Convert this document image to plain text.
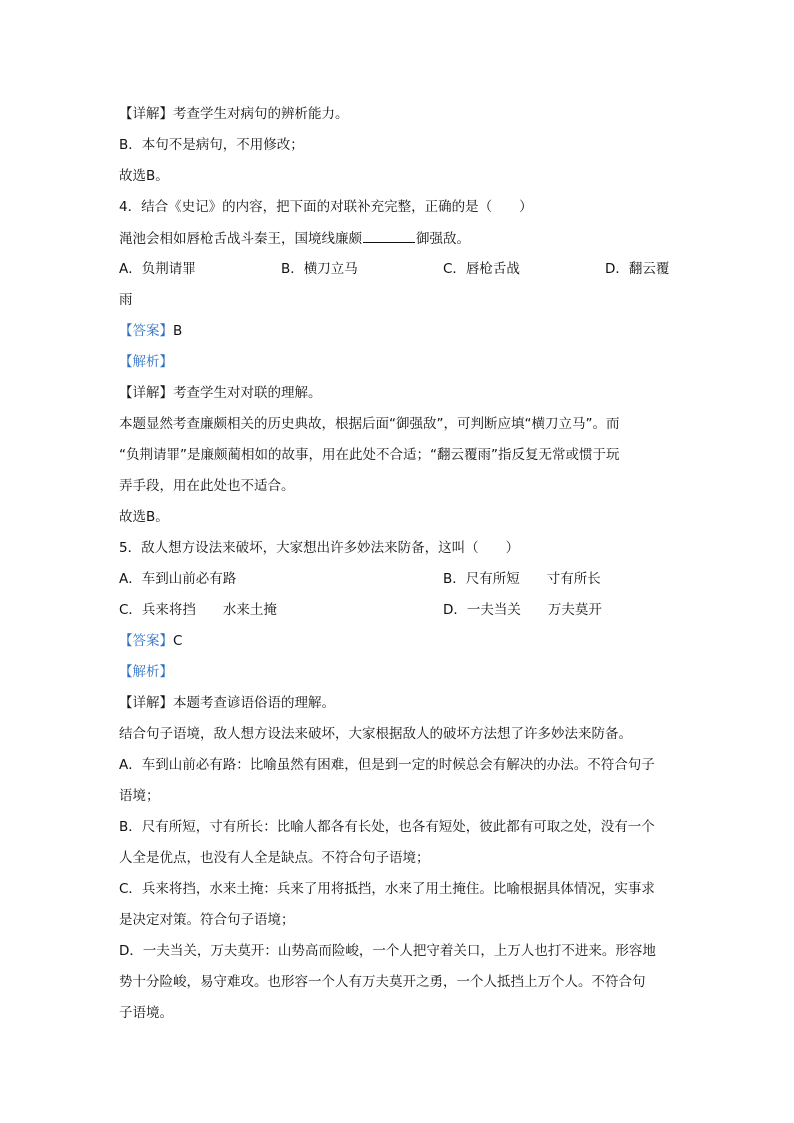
【详解】考查学生对病句的辨析能力。
B．本句不是病句，不用修改；
故选B。
4．结合《史记》的内容，把下面的对联补充完整，正确的是（　　）
渑池会相如唇枪舌战斗秦王，国境线廉颇	御强敌。
A．负荆请罪	B．横刀立马	C．唇枪舌战	D．翻云覆
雨
【答案】B
【解析】
【详解】考查学生对对联的理解。
本题显然考查廉颇相关的历史典故，根据后面“御强敌”，可判断应填“横刀立马”。而
“负荆请罪”是廉颇蔺相如的故事，用在此处不合适；“翻云覆雨”指反复无常或惯于玩
弄手段，用在此处也不适合。
故选B。
5．敌人想方设法来破坏，大家想出许多妙法来防备，这叫（　　）
A．车到山前必有路	B．尺有所短　　寸有所长
C．兵来将挡　　水来土掩	D．一夫当关　　万夫莫开
【答案】C
【解析】
【详解】本题考查谚语俗语的理解。
结合句子语境，敌人想方设法来破坏，大家根据敌人的破坏方法想了许多妙法来防备。
A．车到山前必有路：比喻虽然有困难，但是到一定的时候总会有解决的办法。不符合句子
语境；
B．尺有所短，寸有所长：比喻人都各有长处，也各有短处，彼此都有可取之处，没有一个
人全是优点，也没有人全是缺点。不符合句子语境；
C．兵来将挡，水来土掩：兵来了用将抵挡，水来了用土掩住。比喻根据具体情况，实事求
是决定对策。符合句子语境；
D．一夫当关，万夫莫开：山势高而险峻，一个人把守着关口，上万人也打不进来。形容地
势十分险峻，易守难攻。也形容一个人有万夫莫开之勇，一个人抵挡上万个人。不符合句
子语境。
